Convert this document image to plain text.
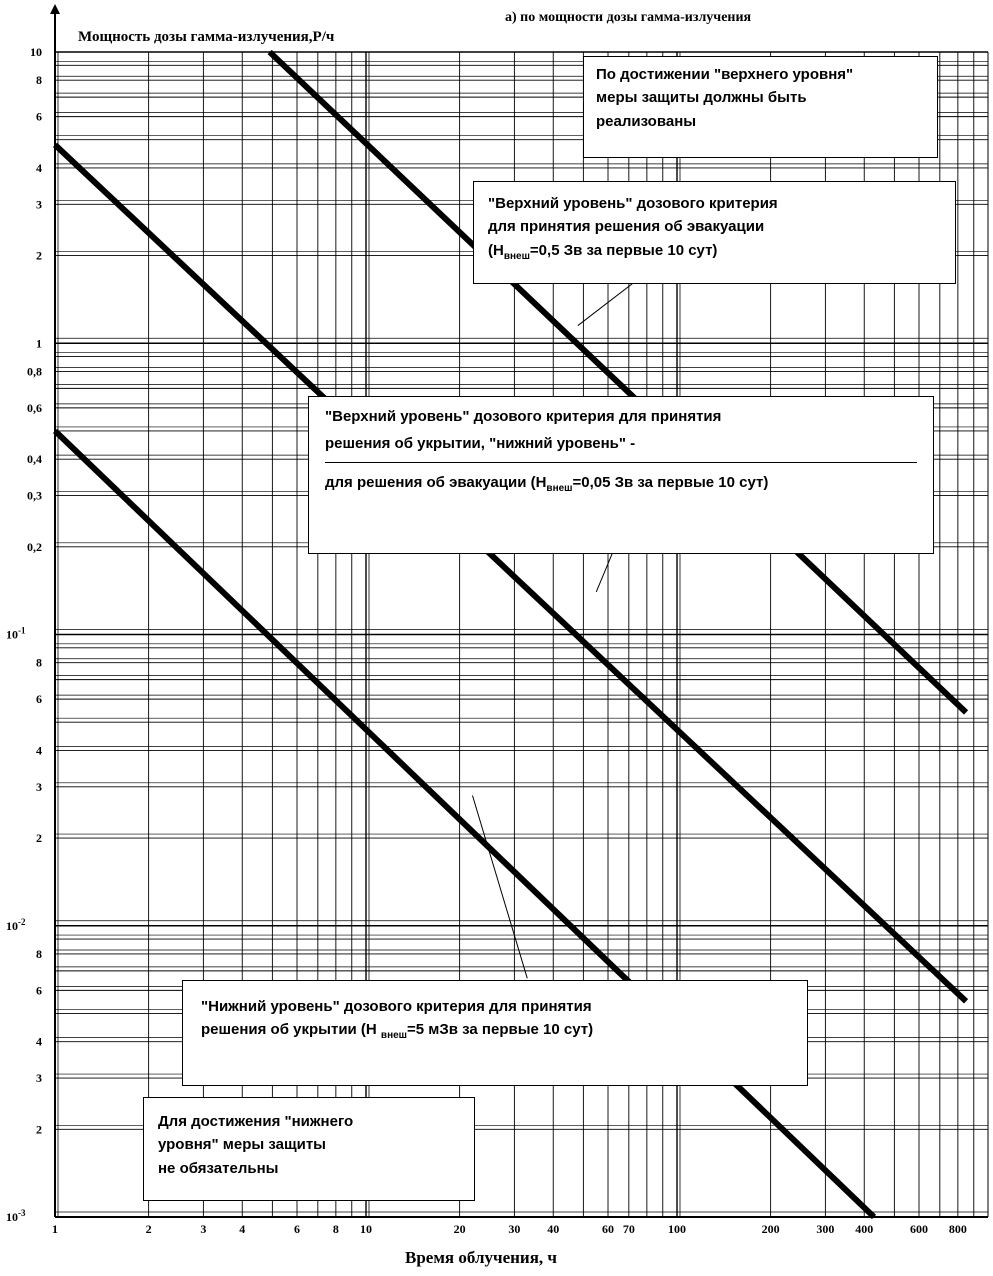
1	2	3	4	6	8 10	20	30 40	60 70	100	200	300 400	600 800
10
8
6
4
3
2
1
0,8
0,6
0,4
0,3
0,2
$10^{-1}$
8
6
4
3
2
$10^{-2}$
8
6
4
3
2
$10^{-3}$
Мощность дозы гамма-излучения,Р/ч
а) по мощности дозы гамма-излучения
Время облучения, ч
По достижении "верхнего уровня"
меры защиты должны быть
реализованы
"Верхний уровень" дозового критерия
для принятия решения об эвакуации
($Н_{внеш}=0,5$ Зв за первые 10 сут)
"Верхний уровень" дозового критерия для принятия
решения об укрытии, "нижний уровень" -
для решения об эвакуации ($Н_{внеш}=0,05$ Зв за первые 10 сут)
"Нижний уровень" дозового критерия для принятия
решения об укрытии (Н $_{внеш}$=5 мЗв за первые 10 сут)
Для достижения "нижнего
уровня" меры защиты
не обязательны
